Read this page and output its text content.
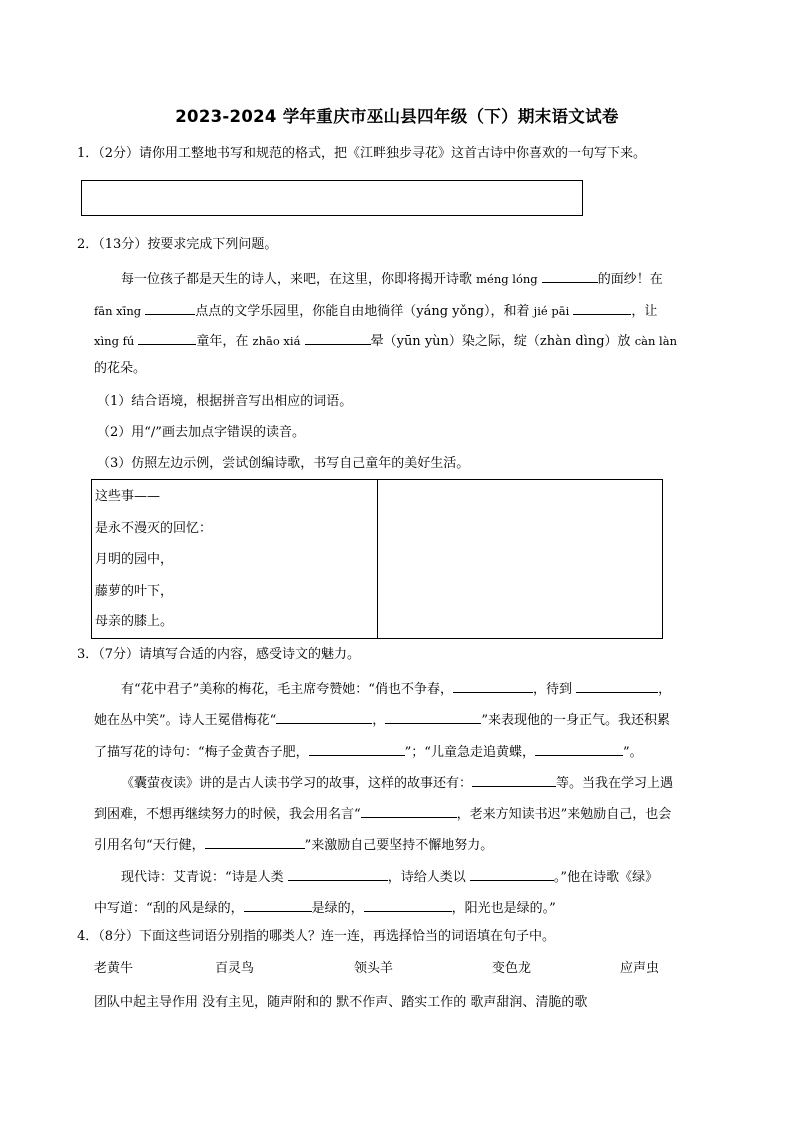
2023-2024 学年重庆市巫山县四年级（下）期末语文试卷
1．（2分）请你用工整地书写和规范的格式，把《江畔独步寻花》这首古诗中你喜欢的一句写下来。
2．（13分）按要求完成下列问题。
每一位孩子都是天生的诗人，来吧，在这里，你即将揭开诗歌 méng lóng	的面纱！在
fān xīng	点点的文学乐园里，你能自由地徜徉（yáng yǒng），和着 jié pāi	，让
xìng fú	童年，在 zhāo xiá	晕（yūn yùn）染之际，绽（zhàn dìng）放 càn làn
的花朵。
（1）结合语境，根据拼音写出相应的词语。
（2）用“/”画去加点字错误的读音。
（3）仿照左边示例，尝试创编诗歌，书写自己童年的美好生活。
这些事——
是永不漫灭的回忆：
月明的园中，
藤萝的叶下，
母亲的膝上。
3．（7分）请填写合适的内容，感受诗文的魅力。
有“花中君子”美称的梅花，毛主席夸赞她：“俏也不争春，	，待到	，
她在丛中笑”。诗人王冕借梅花“	，	”来表现他的一身正气。我还积累
了描写花的诗句：“梅子金黄杏子肥，	”；“儿童急走追黄蝶，	”。
《囊萤夜读》讲的是古人读书学习的故事，这样的故事还有：	等。当我在学习上遇
到困难，不想再继续努力的时候，我会用名言“	，老来方知读书迟”来勉励自己，也会
引用名句“天行健，	”来激励自己要坚持不懈地努力。
现代诗：艾青说：“诗是人类	，诗给人类以	。”他在诗歌《绿》
中写道：“刮的风是绿的，	是绿的，	，阳光也是绿的。”
4．（8分）下面这些词语分别指的哪类人？连一连，再选择恰当的词语填在句子中。
老黄牛	百灵鸟	领头羊	变色龙	应声虫
团队中起主导作用 没有主见，随声附和的 默不作声、踏实工作的 歌声甜润、清脆的歌
